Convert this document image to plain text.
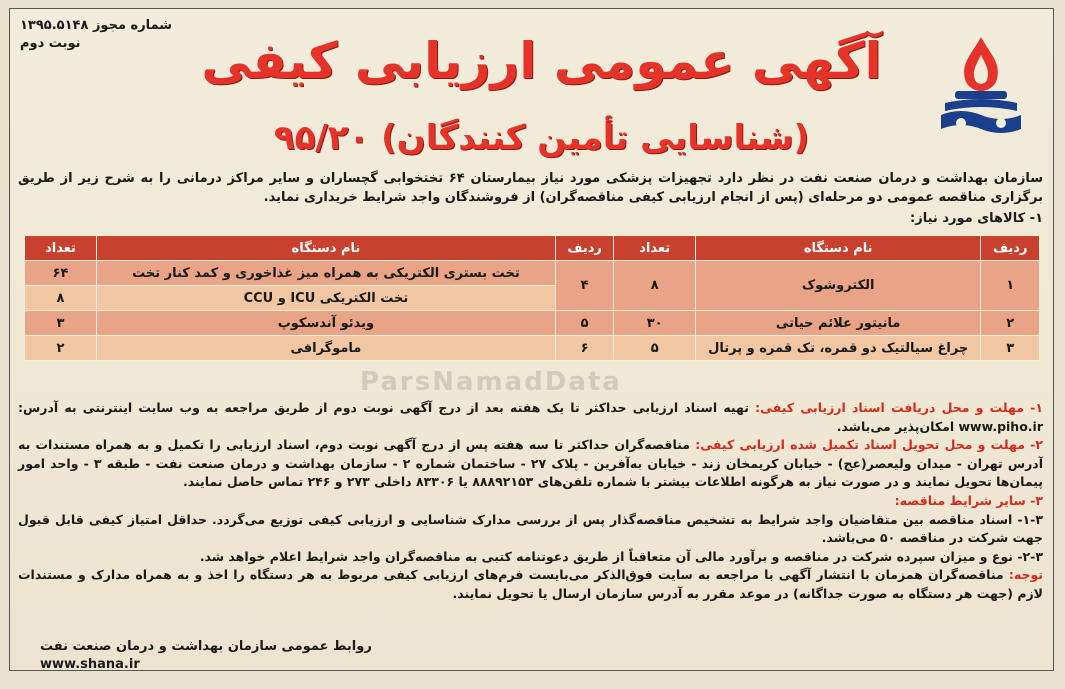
شماره مجوز ۱۳۹۵.۵۱۴۸
نوبت دوم	آگهی عمومی ارزیابی کیفی
(شناسایی تأمین کنندگان) ۹۵/۲۰
سازمان بهداشت و درمان صنعت نفت در نظر دارد تجهیزات پزشکی مورد نیاز بیمارستان ۶۴ تختخوابی گچساران و سایر مراکز درمانی را به شرح زیر از طریق برگزاری مناقصه عمومی دو مرحله‌ای (پس از انجام ارزیابی کیفی مناقصه‌گران) از فروشندگان واجد شرایط خریداری نماید.
۱- کالاهای مورد نیاز:
ردیف	نام دستگاه	تعداد	ردیف	نام دستگاه	تعداد
۱	الکتروشوک	۸	۴	تخت بستری الکتریکی به همراه میز غذاخوری و کمد کنار تخت	۶۴
				تخت الکتریکی ICU و CCU	۸
۲	مانیتور علائم حیاتی	۳۰	۵	ویدئو آندسکوپ	۳
۳	چراغ سیالتیک دو قمره، تک قمره و پرتال	۵	۶	ماموگرافی	۲
ParsNamadData

۱- مهلت و محل دریافت اسناد ارزیابی کیفی: تهیه اسناد ارزیابی حداکثر تا یک هفته بعد از درج آگهی نوبت دوم از طریق مراجعه به وب سایت اینترنتی به آدرس: www.piho.ir امکان‌پذیر می‌باشد.

۲- مهلت و محل تحویل اسناد تکمیل شده ارزیابی کیفی: مناقصه‌گران حداکثر تا سه هفته پس از درج آگهی نوبت دوم، اسناد ارزیابی را تکمیل و به همراه مستندات به آدرس تهران - میدان ولیعصر(عج) - خیابان کریمخان زند - خیابان به‌آفرین - پلاک ۲۷ - ساختمان شماره ۲ - سازمان بهداشت و درمان صنعت نفت - طبقه ۳ - واحد امور پیمان‌ها تحویل نمایند و در صورت نیاز به هرگونه اطلاعات بیشتر با شماره تلفن‌های ۸۸۸۹۲۱۵۳ یا ۸۳۳۰۶ داخلی ۲۷۳ و ۲۴۶ تماس حاصل نمایند.

۳- سایر شرایط مناقصه:

۱-۳- اسناد مناقصه بین متقاضیان واجد شرایط به تشخیص مناقصه‌گذار پس از بررسی مدارک شناسایی و ارزیابی کیفی توزیع می‌گردد. حداقل امتیاز کیفی قابل قبول جهت شرکت در مناقصه ۵۰ می‌باشد.

۲-۳- نوع و میزان سپرده شرکت در مناقصه و برآورد مالی آن متعاقباً از طریق دعوتنامه کتبی به مناقصه‌گران واجد شرایط اعلام خواهد شد.

توجه: مناقصه‌گران همزمان با انتشار آگهی با مراجعه به سایت فوق‌الذکر می‌بایست فرم‌های ارزیابی کیفی مربوط به هر دستگاه را اخذ و به همراه مدارک و مستندات لازم (جهت هر دستگاه به صورت جداگانه) در موعد مقرر به آدرس سازمان ارسال یا تحویل نمایند.

روابط عمومی سازمان بهداشت و درمان صنعت نفت
www.shana.ir
